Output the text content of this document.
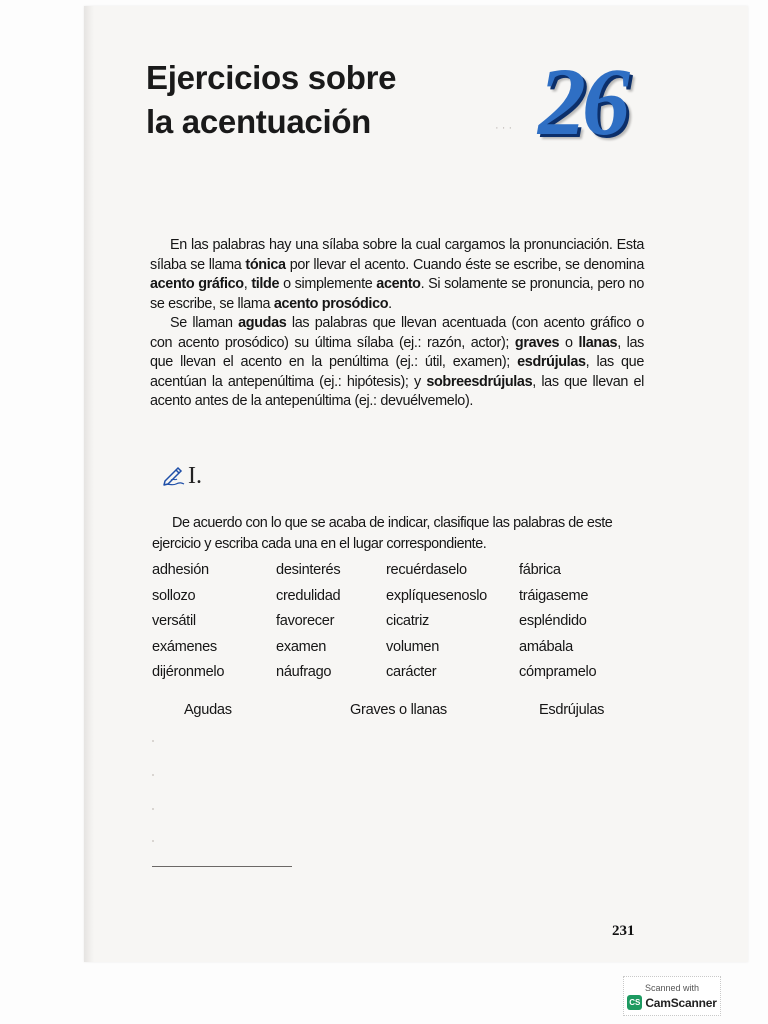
Ejercicios sobre
la acentuación	· · · 26

En las palabras hay una sílaba sobre la cual cargamos la pronunciación. Esta sílaba se llama tónica por llevar el acento. Cuando éste se escribe, se denomina acento gráfico, tilde o simplemente acento. Si solamente se pronuncia, pero no se escribe, se llama acento prosódico.

Se llaman agudas las palabras que llevan acentuada (con acento gráfico o con acento prosódico) su última sílaba (ej.: razón, actor); graves o llanas, las que llevan el acento en la penúltima (ej.: útil, examen); esdrújulas, las que acentúan la antepenúltima (ej.: hipótesis); y sobreesdrújulas, las que llevan el acento antes de la antepenúltima (ej.: devuélvemelo).

I.
De acuerdo con lo que se acaba de indicar, clasifique las palabras de este
ejercicio y escriba cada una en el lugar correspondiente.
adhesión	desinterés	recuérdaselo	fábrica
sollozo	credulidad	explíquesenoslo	tráigaseme
versátil	favorecer	cicatriz	espléndido
exámenes	examen	volumen	amábala
dijéronmelo	náufrago	carácter	cómpramelo
Agudas	Graves o llanas	Esdrújulas
231
Scanned with
CS CamScanner
